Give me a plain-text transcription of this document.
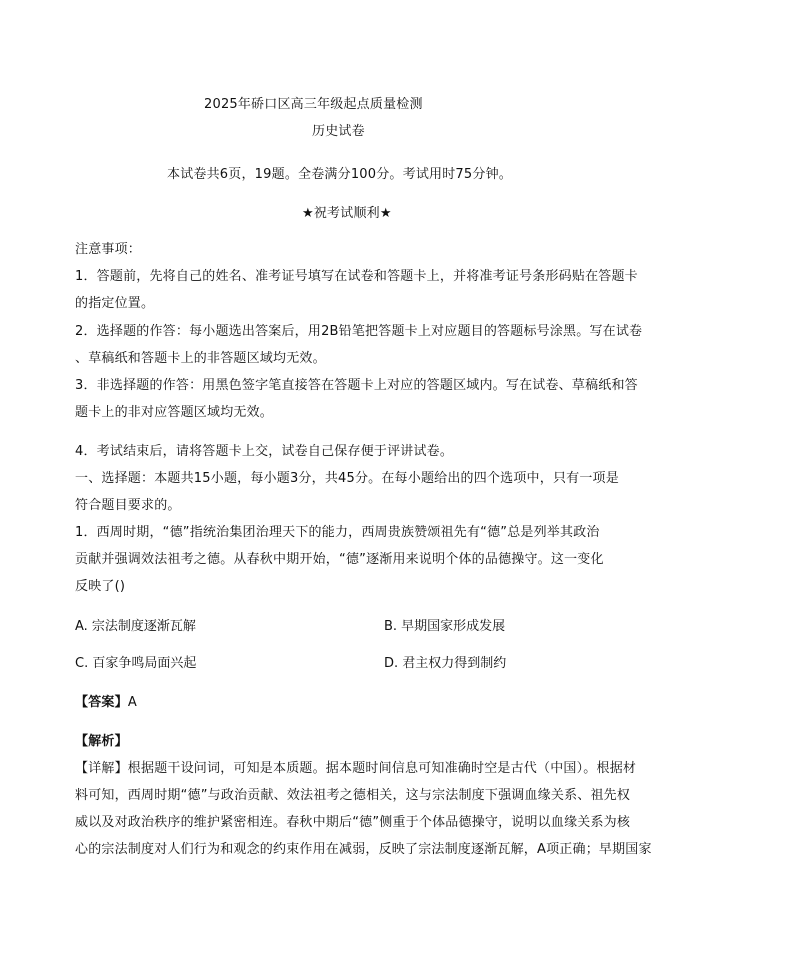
2025年硚口区高三年级起点质量检测
历史试卷
本试卷共6页，19题。全卷满分100分。考试用时75分钟。
★祝考试顺利★
注意事项：
1．答题前，先将自己的姓名、准考证号填写在试卷和答题卡上，并将准考证号条形码贴在答题卡
的指定位置。
2．选择题的作答：每小题选出答案后，用2B铅笔把答题卡上对应题目的答题标号涂黑。写在试卷
、草稿纸和答题卡上的非答题区域均无效。
3．非选择题的作答：用黑色签字笔直接答在答题卡上对应的答题区域内。写在试卷、草稿纸和答
题卡上的非对应答题区域均无效。
4．考试结束后，请将答题卡上交，试卷自己保存便于评讲试卷。
一、选择题：本题共15小题，每小题3分，共45分。在每小题给出的四个选项中，只有一项是
符合题目要求的。
1．西周时期，“德”指统治集团治理天下的能力，西周贵族赞颂祖先有“德”总是列举其政治
贡献并强调效法祖考之德。从春秋中期开始，“德”逐渐用来说明个体的品德操守。这一变化
反映了()
A. 宗法制度逐渐瓦解	B. 早期国家形成发展
C. 百家争鸣局面兴起	D. 君主权力得到制约
【答案】A
【解析】
【详解】根据题干设问词，可知是本质题。据本题时间信息可知准确时空是古代（中国）。根据材
料可知，西周时期“德”与政治贡献、效法祖考之德相关，这与宗法制度下强调血缘关系、祖先权
威以及对政治秩序的维护紧密相连。春秋中期后“德”侧重于个体品德操守，说明以血缘关系为核
心的宗法制度对人们行为和观念的约束作用在减弱，反映了宗法制度逐渐瓦解，A项正确；早期国家
